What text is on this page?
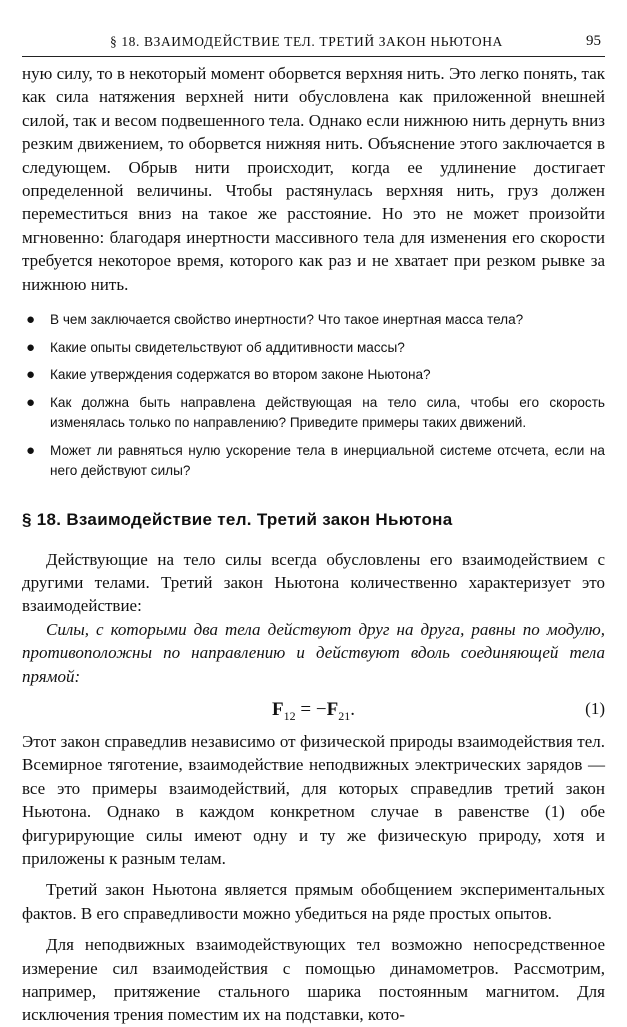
§ 18. ВЗАИМОДЕЙСТВИЕ ТЕЛ. ТРЕТИЙ ЗАКОН НЬЮТОНА	95

ную силу, то в некоторый момент оборвется верхняя нить. Это легко понять, так как сила натяжения верхней нити обусловлена как приложенной внешней силой, так и весом подвешенного тела. Однако если нижнюю нить дернуть вниз резким движением, то оборвется нижняя нить. Объяснение этого заключается в следующем. Обрыв нити происходит, когда ее удлинение достигает определенной величины. Чтобы растянулась верхняя нить, груз должен переместиться вниз на такое же расстояние. Но это не может произойти мгновенно: благодаря инертности массивного тела для изменения его скорости требуется некоторое время, которого как раз и не хватает при резком рывке за нижнюю нить.

● В чем заключается свойство инертности? Что такое инертная масса тела?
● Какие опыты свидетельствуют об аддитивности массы?
● Какие утверждения содержатся во втором законе Ньютона?
● Как должна быть направлена действующая на тело сила, чтобы его скорость изменялась только по направлению? Приведите примеры таких движений.
● Может ли равняться нулю ускорение тела в инерциальной системе отсчета, если на него действуют силы?
§ 18. Взаимодействие тел. Третий закон Ньютона

Действующие на тело силы всегда обусловлены его взаимодействием с другими телами. Третий закон Ньютона количественно характеризует это взаимодействие:

Силы, с которыми два тела действуют друг на друга, равны по модулю, противоположны по направлению и действуют вдоль соединяющей тела прямой:

$F_{12} = -F_{21}$.	(1)

Этот закон справедлив независимо от физической природы взаимодействия тел. Всемирное тяготение, взаимодействие неподвижных электрических зарядов — все это примеры взаимодействий, для которых справедлив третий закон Ньютона. Однако в каждом конкретном случае в равенстве (1) обе фигурирующие силы имеют одну и ту же физическую природу, хотя и приложены к разным телам.

Третий закон Ньютона является прямым обобщением экспериментальных фактов. В его справедливости можно убедиться на ряде простых опытов.

Для неподвижных взаимодействующих тел возможно непосредственное измерение сил взаимодействия с помощью динамометров. Рассмотрим, например, притяжение стального шарика постоянным магнитом. Для исключения трения поместим их на подставки, кото-
